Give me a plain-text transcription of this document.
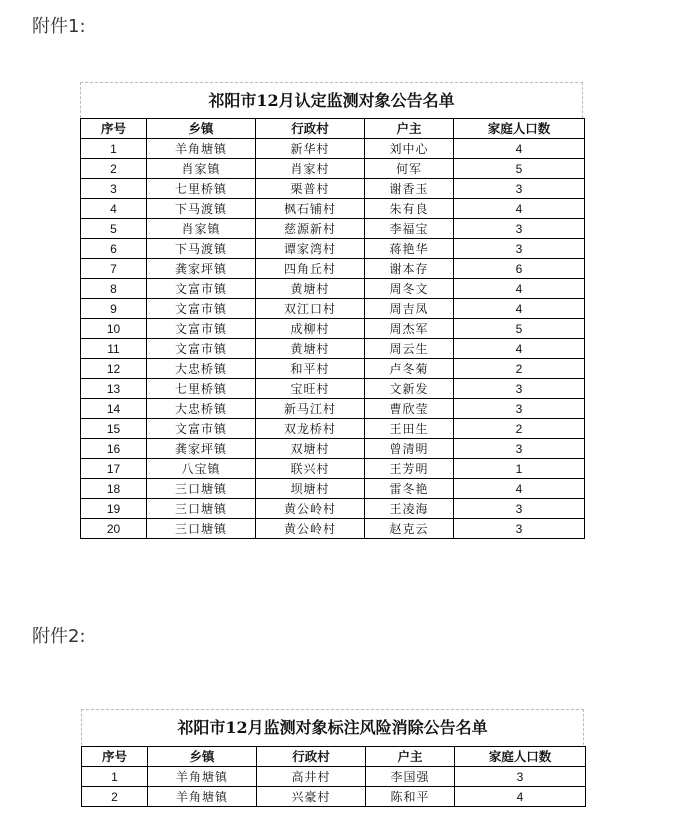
附件1:
祁阳市12月认定监测对象公告名单
序号	乡镇	行政村	户主	家庭人口数
1	羊角塘镇	新华村	刘中心	4
2	肖家镇	肖家村	何军	5
3	七里桥镇	栗普村	谢香玉	3
4	下马渡镇	枫石铺村	朱有良	4
5	肖家镇	慈源新村	李福宝	3
6	下马渡镇	谭家湾村	蒋艳华	3
7	龚家坪镇	四角丘村	谢本存	6
8	文富市镇	黄塘村	周冬文	4
9	文富市镇	双江口村	周吉凤	4
10	文富市镇	成柳村	周杰军	5
11	文富市镇	黄塘村	周云生	4
12	大忠桥镇	和平村	卢冬菊	2
13	七里桥镇	宝旺村	文新发	3
14	大忠桥镇	新马江村	曹欣莹	3
15	文富市镇	双龙桥村	王田生	2
16	龚家坪镇	双塘村	曾清明	3
17	八宝镇	联兴村	王芳明	1
18	三口塘镇	坝塘村	雷冬艳	4
19	三口塘镇	黄公岭村	王凌海	3
20	三口塘镇	黄公岭村	赵克云	3
附件2:
祁阳市12月监测对象标注风险消除公告名单
序号	乡镇	行政村	户主	家庭人口数
1	羊角塘镇	高井村	李国强	3
2	羊角塘镇	兴豪村	陈和平	4
